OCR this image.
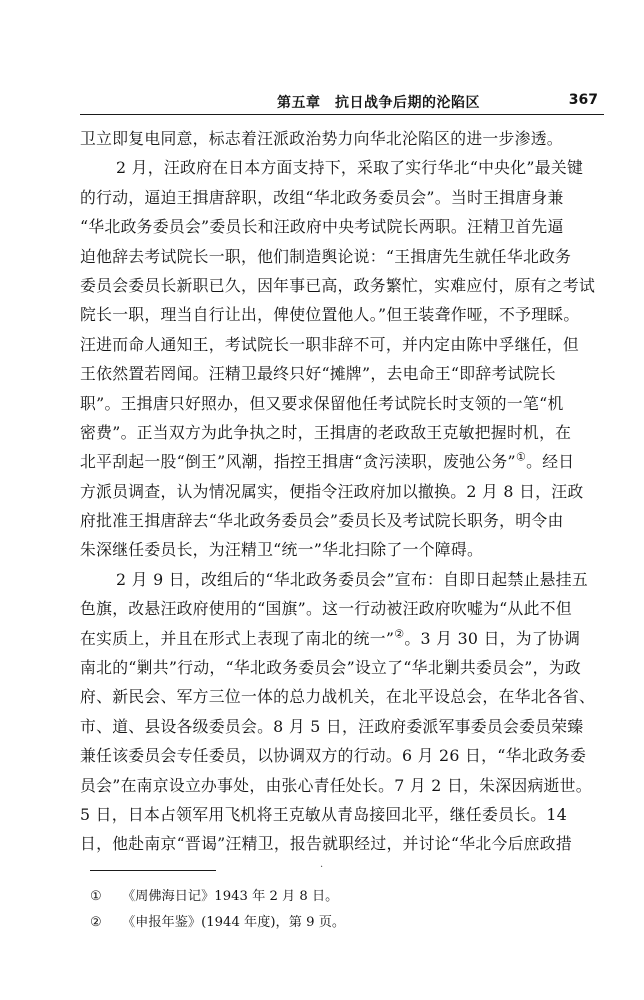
第五章　抗日战争后期的沦陷区	367
卫立即复电同意，标志着汪派政治势力向华北沦陷区的进一步渗透。
2 月，汪政府在日本方面支持下，采取了实行华北“中央化”最关键
的行动，逼迫王揖唐辞职，改组“华北政务委员会”。当时王揖唐身兼
“华北政务委员会”委员长和汪政府中央考试院长两职。汪精卫首先逼
迫他辞去考试院长一职，他们制造舆论说：“王揖唐先生就任华北政务
委员会委员长新职已久，因年事已高，政务繁忙，实难应付，原有之考试
院长一职，理当自行让出，俾使位置他人。”但王装聋作哑，不予理睬。
汪进而命人通知王，考试院长一职非辞不可，并内定由陈中孚继任，但
王依然置若罔闻。汪精卫最终只好“摊牌”，去电命王“即辞考试院长
职”。王揖唐只好照办，但又要求保留他任考试院长时支领的一笔“机
密费”。正当双方为此争执之时，王揖唐的老政敌王克敏把握时机，在
北平刮起一股“倒王”风潮，指控王揖唐“贪污渎职，废弛公务”①。经日
方派员调查，认为情况属实，便指令汪政府加以撤换。2 月 8 日，汪政
府批准王揖唐辞去“华北政务委员会”委员长及考试院长职务，明令由
朱深继任委员长，为汪精卫“统一”华北扫除了一个障碍。
2 月 9 日，改组后的“华北政务委员会”宣布：自即日起禁止悬挂五
色旗，改悬汪政府使用的“国旗”。这一行动被汪政府吹嘘为“从此不但
在实质上，并且在形式上表现了南北的统一”②。3 月 30 日，为了协调
南北的“剿共”行动，“华北政务委员会”设立了“华北剿共委员会”，为政
府、新民会、军方三位一体的总力战机关，在北平设总会，在华北各省、
市、道、县设各级委员会。8 月 5 日，汪政府委派军事委员会委员荣臻
兼任该委员会专任委员，以协调双方的行动。6 月 26 日，“华北政务委
员会”在南京设立办事处，由张心青任处长。7 月 2 日，朱深因病逝世。
5 日，日本占领军用飞机将王克敏从青岛接回北平，继任委员长。14
日，他赴南京“晋谒”汪精卫，报告就职经过，并讨论“华北今后庶政措
·
① 《周佛海日记》1943 年 2 月 8 日。
② 《申报年鉴》(1944 年度)，第 9 页。
